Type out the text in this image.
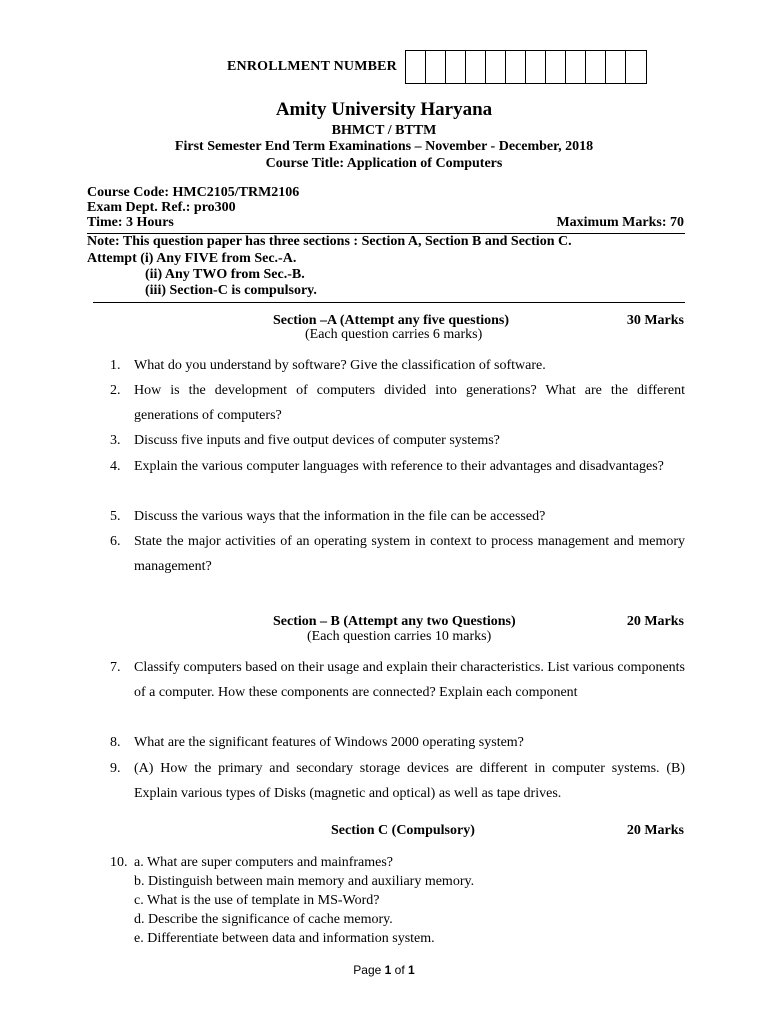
ENROLLMENT NUMBER
Amity University Haryana
BHMCT / BTTM
First Semester End Term Examinations – November - December, 2018
Course Title: Application of Computers
Course Code: HMC2105/TRM2106
Exam Dept. Ref.: pro300
Time: 3 Hours	Maximum Marks: 70
Note: This question paper has three sections : Section A, Section B and Section C.
Attempt (i) Any FIVE from Sec.-A.
(ii) Any TWO from Sec.-B.
(iii) Section-C is compulsory.
Section –A (Attempt any five questions)	30 Marks
(Each question carries 6 marks)
1. What do you understand by software? Give the classification of software.
2. How is the development of computers divided into generations? What are the different generations of computers?
3. Discuss five inputs and five output devices of computer systems?
4. Explain the various computer languages with reference to their advantages and disadvantages?
5. Discuss the various ways that the information in the file can be accessed?
6. State the major activities of an operating system in context to process management and memory management?
Section – B (Attempt any two Questions)	20 Marks
(Each question carries 10 marks)
7. Classify computers based on their usage and explain their characteristics. List various components of a computer. How these components are connected? Explain each component
8. What are the significant features of Windows 2000 operating system?
9. (A) How the primary and secondary storage devices are different in computer systems. (B) Explain various types of Disks (magnetic and optical) as well as tape drives.
Section C (Compulsory)	20 Marks
10. a. What are super computers and mainframes?
b. Distinguish between main memory and auxiliary memory.
c. What is the use of template in MS-Word?
d. Describe the significance of cache memory.
e. Differentiate between data and information system.
Page 1 of 1
